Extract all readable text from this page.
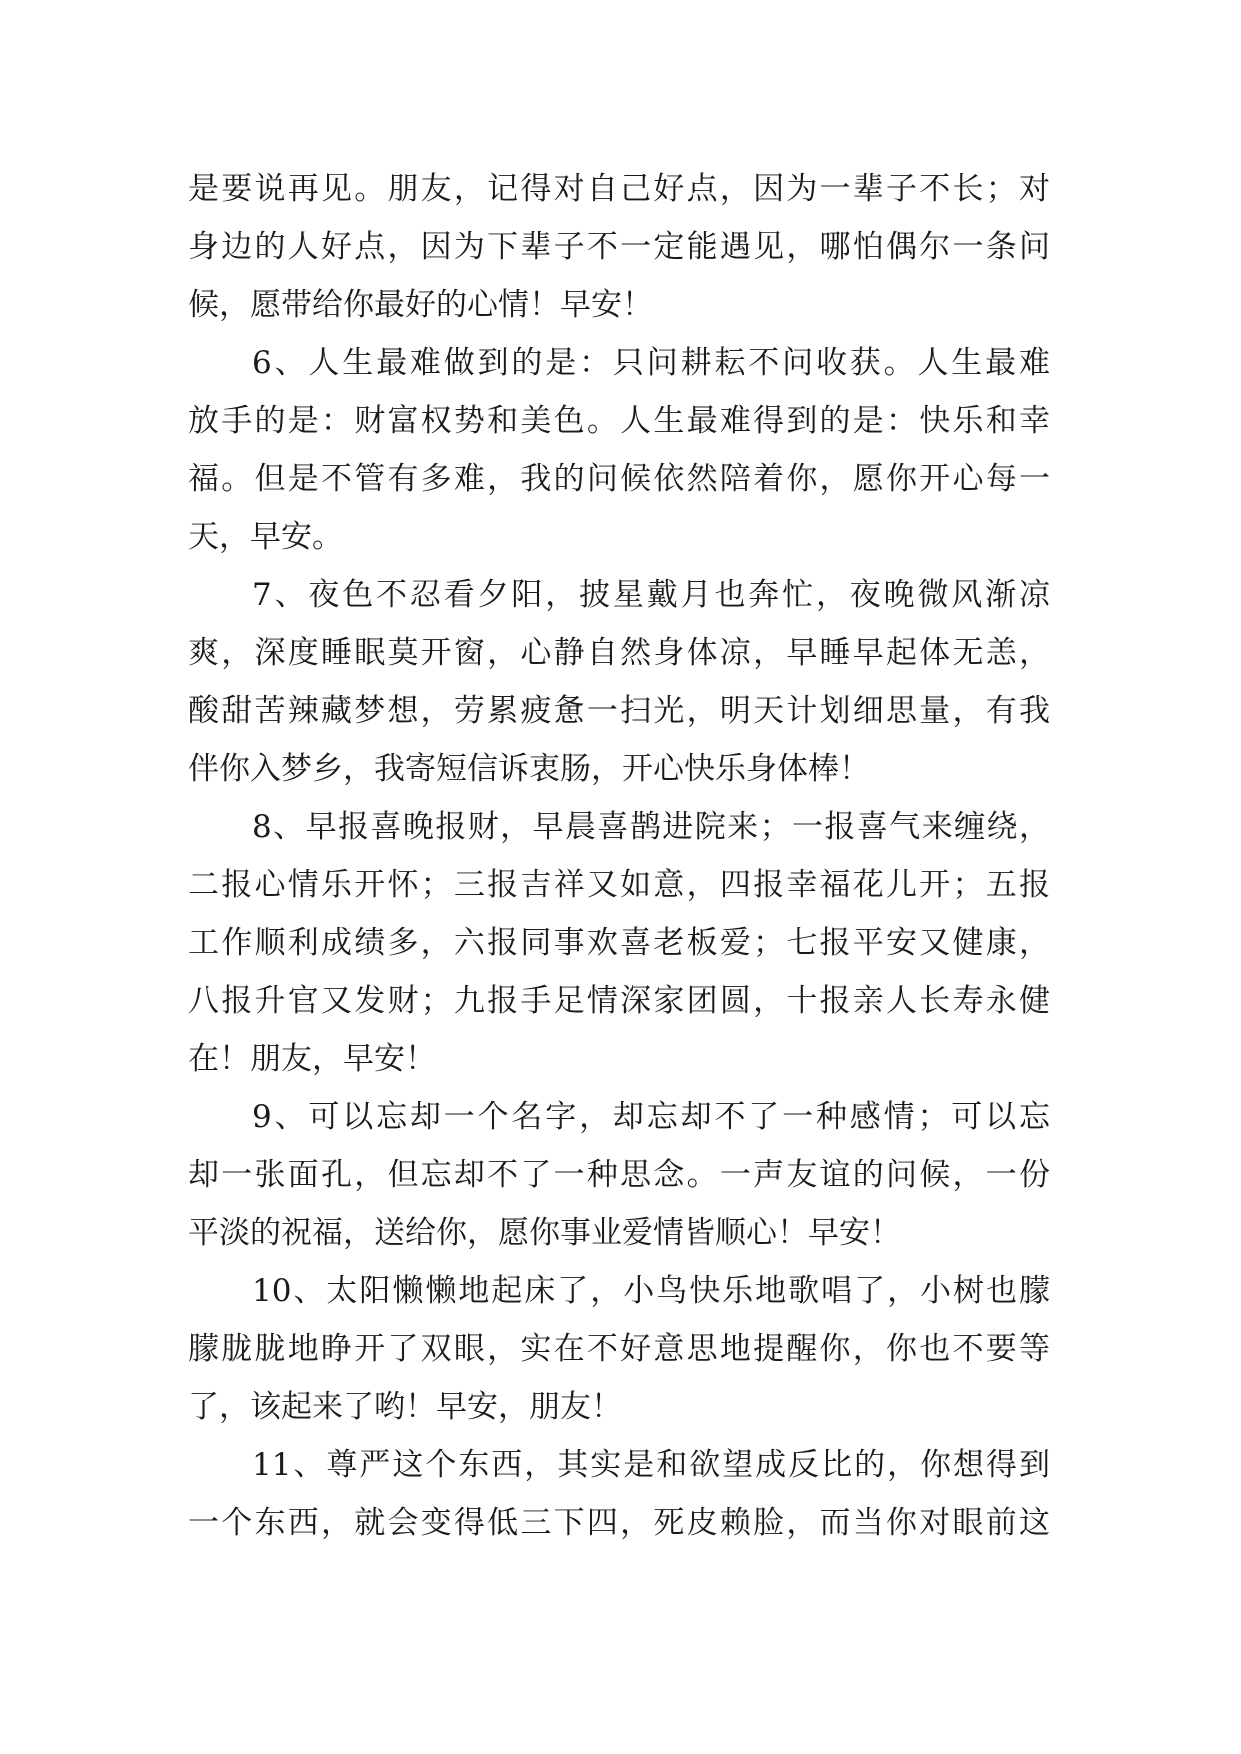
是要说再见。朋友，记得对自己好点，因为一辈子不长；对
身边的人好点，因为下辈子不一定能遇见，哪怕偶尔一条问
候，愿带给你最好的心情！早安！
6、人生最难做到的是：只问耕耘不问收获。人生最难
放手的是：财富权势和美色。人生最难得到的是：快乐和幸
福。但是不管有多难，我的问候依然陪着你，愿你开心每一
天，早安。
7、夜色不忍看夕阳，披星戴月也奔忙，夜晚微风渐凉
爽，深度睡眠莫开窗，心静自然身体凉，早睡早起体无恙，
酸甜苦辣藏梦想，劳累疲惫一扫光，明天计划细思量，有我
伴你入梦乡，我寄短信诉衷肠，开心快乐身体棒！
8、早报喜晚报财，早晨喜鹊进院来；一报喜气来缠绕，
二报心情乐开怀；三报吉祥又如意，四报幸福花儿开；五报
工作顺利成绩多，六报同事欢喜老板爱；七报平安又健康，
八报升官又发财；九报手足情深家团圆，十报亲人长寿永健
在！朋友，早安！
9、可以忘却一个名字，却忘却不了一种感情；可以忘
却一张面孔，但忘却不了一种思念。一声友谊的问候，一份
平淡的祝福，送给你，愿你事业爱情皆顺心！早安！
10、太阳懒懒地起床了，小鸟快乐地歌唱了，小树也朦
朦胧胧地睁开了双眼，实在不好意思地提醒你，你也不要等
了，该起来了哟！早安，朋友！
11、尊严这个东西，其实是和欲望成反比的，你想得到
一个东西，就会变得低三下四，死皮赖脸，而当你对眼前这
